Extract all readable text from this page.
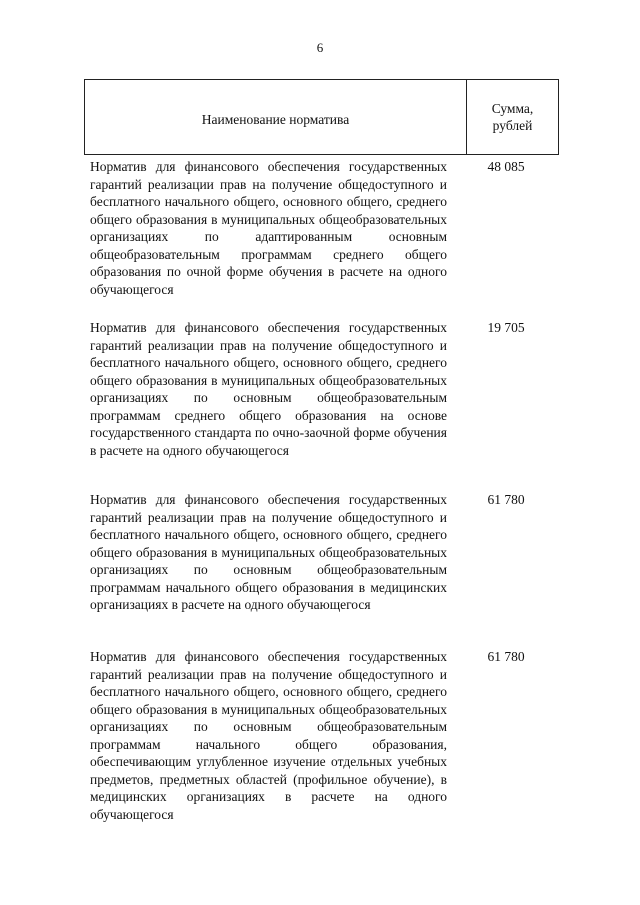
6
Наименование норматива
Сумма,
рублей
Норматив для финансового обеспечения государственных гарантий реализации прав на получение общедоступного и бесплатного начального общего, основного общего, среднего общего образования в муниципальных общеобразовательных организациях по адаптированным основным общеобразовательным программам среднего общего образования по очной форме обучения в расчете на одного обучающегося
48 085
Норматив для финансового обеспечения государственных гарантий реализации прав на получение общедоступного и бесплатного начального общего, основного общего, среднего общего образования в муниципальных общеобразовательных организациях по основным общеобразовательным программам среднего общего образования на основе государственного стандарта по очно-заочной форме обучения в расчете на одного обучающегося
19 705
Норматив для финансового обеспечения государственных гарантий реализации прав на получение общедоступного и бесплатного начального общего, основного общего, среднего общего образования в муниципальных общеобразовательных организациях по основным общеобразовательным программам начального общего образования в медицинских организациях в расчете на одного обучающегося
61 780
Норматив для финансового обеспечения государственных гарантий реализации прав на получение общедоступного и бесплатного начального общего, основного общего, среднего общего образования в муниципальных общеобразовательных организациях по основным общеобразовательным программам начального общего образования, обеспечивающим углубленное изучение отдельных учебных предметов, предметных областей (профильное обучение), в медицинских организациях в расчете на одного обучающегося
61 780
